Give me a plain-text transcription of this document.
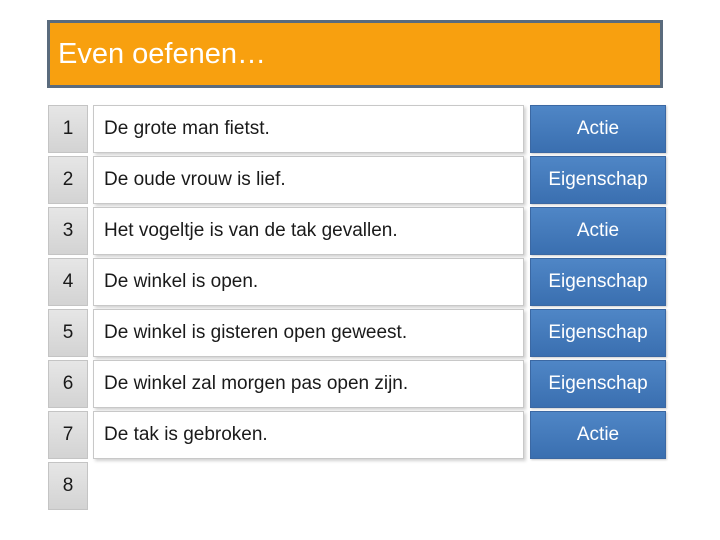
Even oefenen…
1	De grote man fietst.	Actie
2	De oude vrouw is lief.	Eigenschap
3	Het vogeltje is van de tak gevallen.	Actie
4	De winkel is open.	Eigenschap
5	De winkel is gisteren open geweest.	Eigenschap
6	De winkel zal morgen pas open zijn.	Eigenschap
7	De tak is gebroken.	Actie
8
